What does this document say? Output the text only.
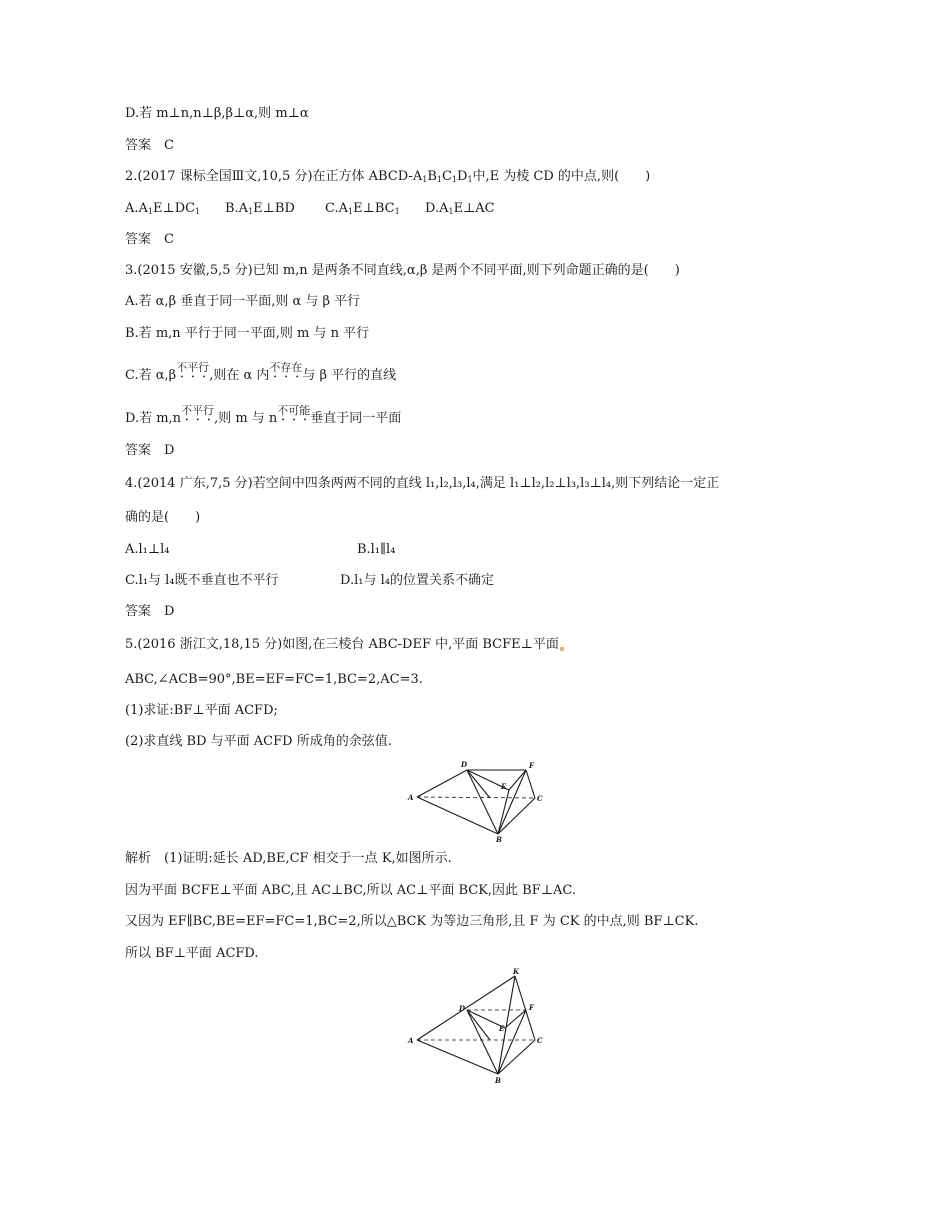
D.若 m⊥n,n⊥β,β⊥α,则 m⊥α
答案　C
2.(2017 课标全国Ⅲ文,10,5 分)在正方体 ABCD-$A_1B_1C_1D_1$中,E 为棱 CD 的中点,则(　　)
$A.A_1E\perp DC_1$ $B.A_1E\perp BD$ $C.A_1E\perp BC_1$ $D.A_1E\perp AC$
答案　C
3.(2015 安徽,5,5 分)已知 m,n 是两条不同直线,α,β 是两个不同平面,则下列命题正确的是(　　)
A.若 α,β 垂直于同一平面,则 α 与 β 平行
B.若 m,n 平行于同一平面,则 m 与 n 平行
C.若 $\alpha,\beta^{不平行}$,则在 α 内$^{不存在}$与 β 平行的直线
D.若 $m,n^{不平行}$,则 m 与 $n^{不可能}$垂直于同一平面
答案　D
4.(2014 广东,7,5 分)若空间中四条两两不同的直线 l₁,l₂,l₃,l₄,满足 l₁⊥l₂,l₂⊥l₃,l₃⊥l₄,则下列结论一定正
确的是(　　)
A.l₁⊥l₄	B.l₁∥l₄
C.l₁与 l₄既不垂直也不平行	D.l₁与 l₄的位置关系不确定
答案　D
5.(2016 浙江文,18,15 分)如图,在三棱台 ABC-DEF 中,平面 BCFE⊥平面
ABC,∠ACB=90°,BE=EF=FC=1,BC=2,AC=3.
(1)求证:BF⊥平面 ACFD;
(2)求直线 BD 与平面 ACFD 所成角的余弦值.
A
B
C
D
E
F
解析　(1)证明:延长 AD,BE,CF 相交于一点 K,如图所示.
因为平面 BCFE⊥平面 ABC,且 AC⊥BC,所以 AC⊥平面 BCK,因此 BF⊥AC.
又因为 EF∥BC,BE=EF=FC=1,BC=2,所以△BCK 为等边三角形,且 F 为 CK 的中点,则 BF⊥CK.
所以 BF⊥平面 ACFD.
A
B
C
D
E
F
K
